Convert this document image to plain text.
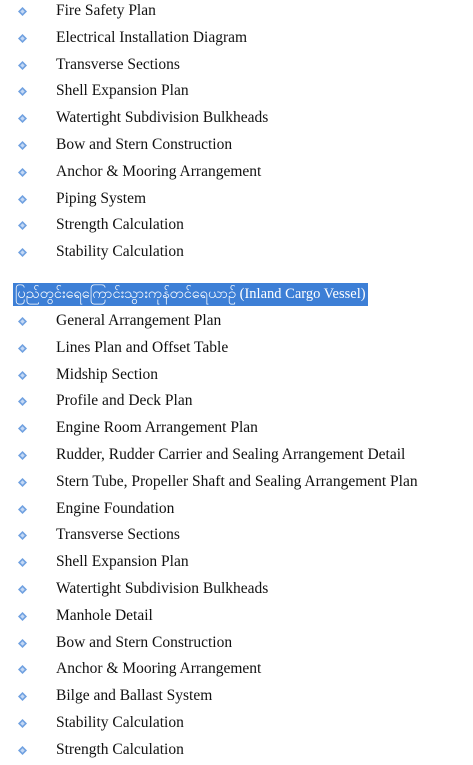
Fire Safety Plan
Electrical Installation Diagram
Transverse Sections
Shell Expansion Plan
Watertight Subdivision Bulkheads
Bow and Stern Construction
Anchor & Mooring Arrangement
Piping System
Strength Calculation
Stability Calculation
ပြည်တွင်းရေကြောင်းသွားကုန်တင်ရေယာဉ် (Inland Cargo Vessel)
General Arrangement Plan
Lines Plan and Offset Table
Midship Section
Profile and Deck Plan
Engine Room Arrangement Plan
Rudder, Rudder Carrier and Sealing Arrangement Detail
Stern Tube, Propeller Shaft and Sealing Arrangement Plan
Engine Foundation
Transverse Sections
Shell Expansion Plan
Watertight Subdivision Bulkheads
Manhole Detail
Bow and Stern Construction
Anchor & Mooring Arrangement
Bilge and Ballast System
Stability Calculation
Strength Calculation
